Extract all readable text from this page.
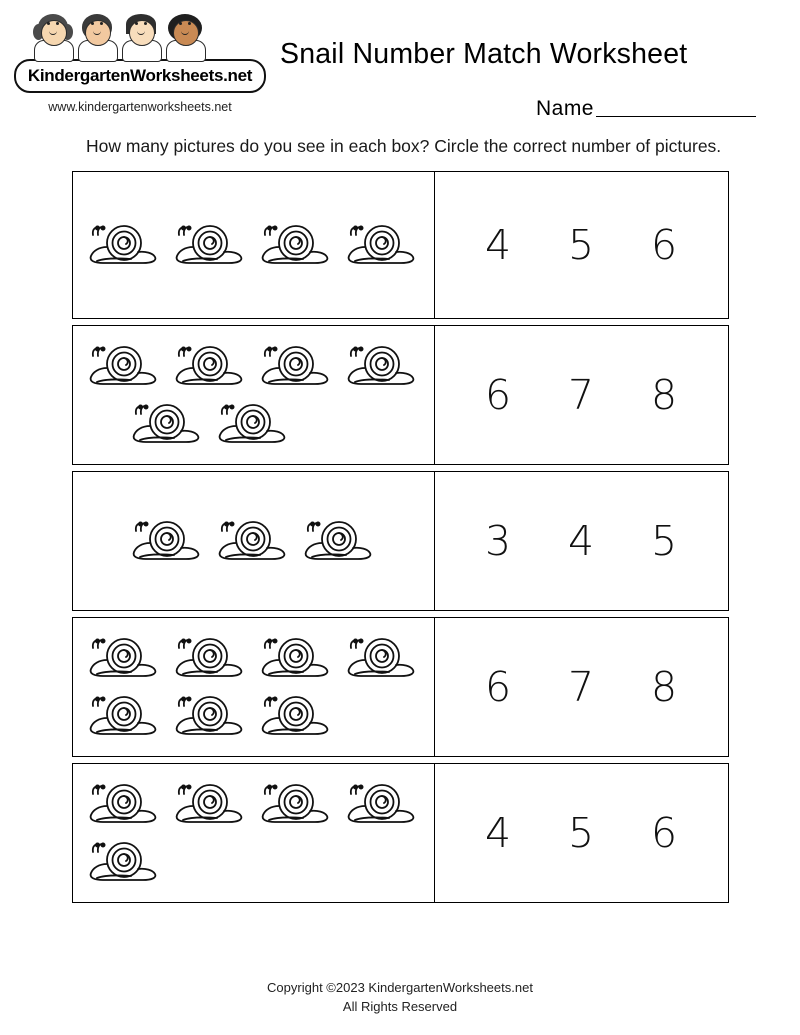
KindergartenWorksheets.net
www.kindergartenworksheets.net
Snail Number Match Worksheet
Name
How many pictures do you see in each box? Circle the correct number of pictures.
4 5 6
6 7 8
3 4 5
6 7 8
4 5 6
Copyright ©2023 KindergartenWorksheets.net
All Rights Reserved
